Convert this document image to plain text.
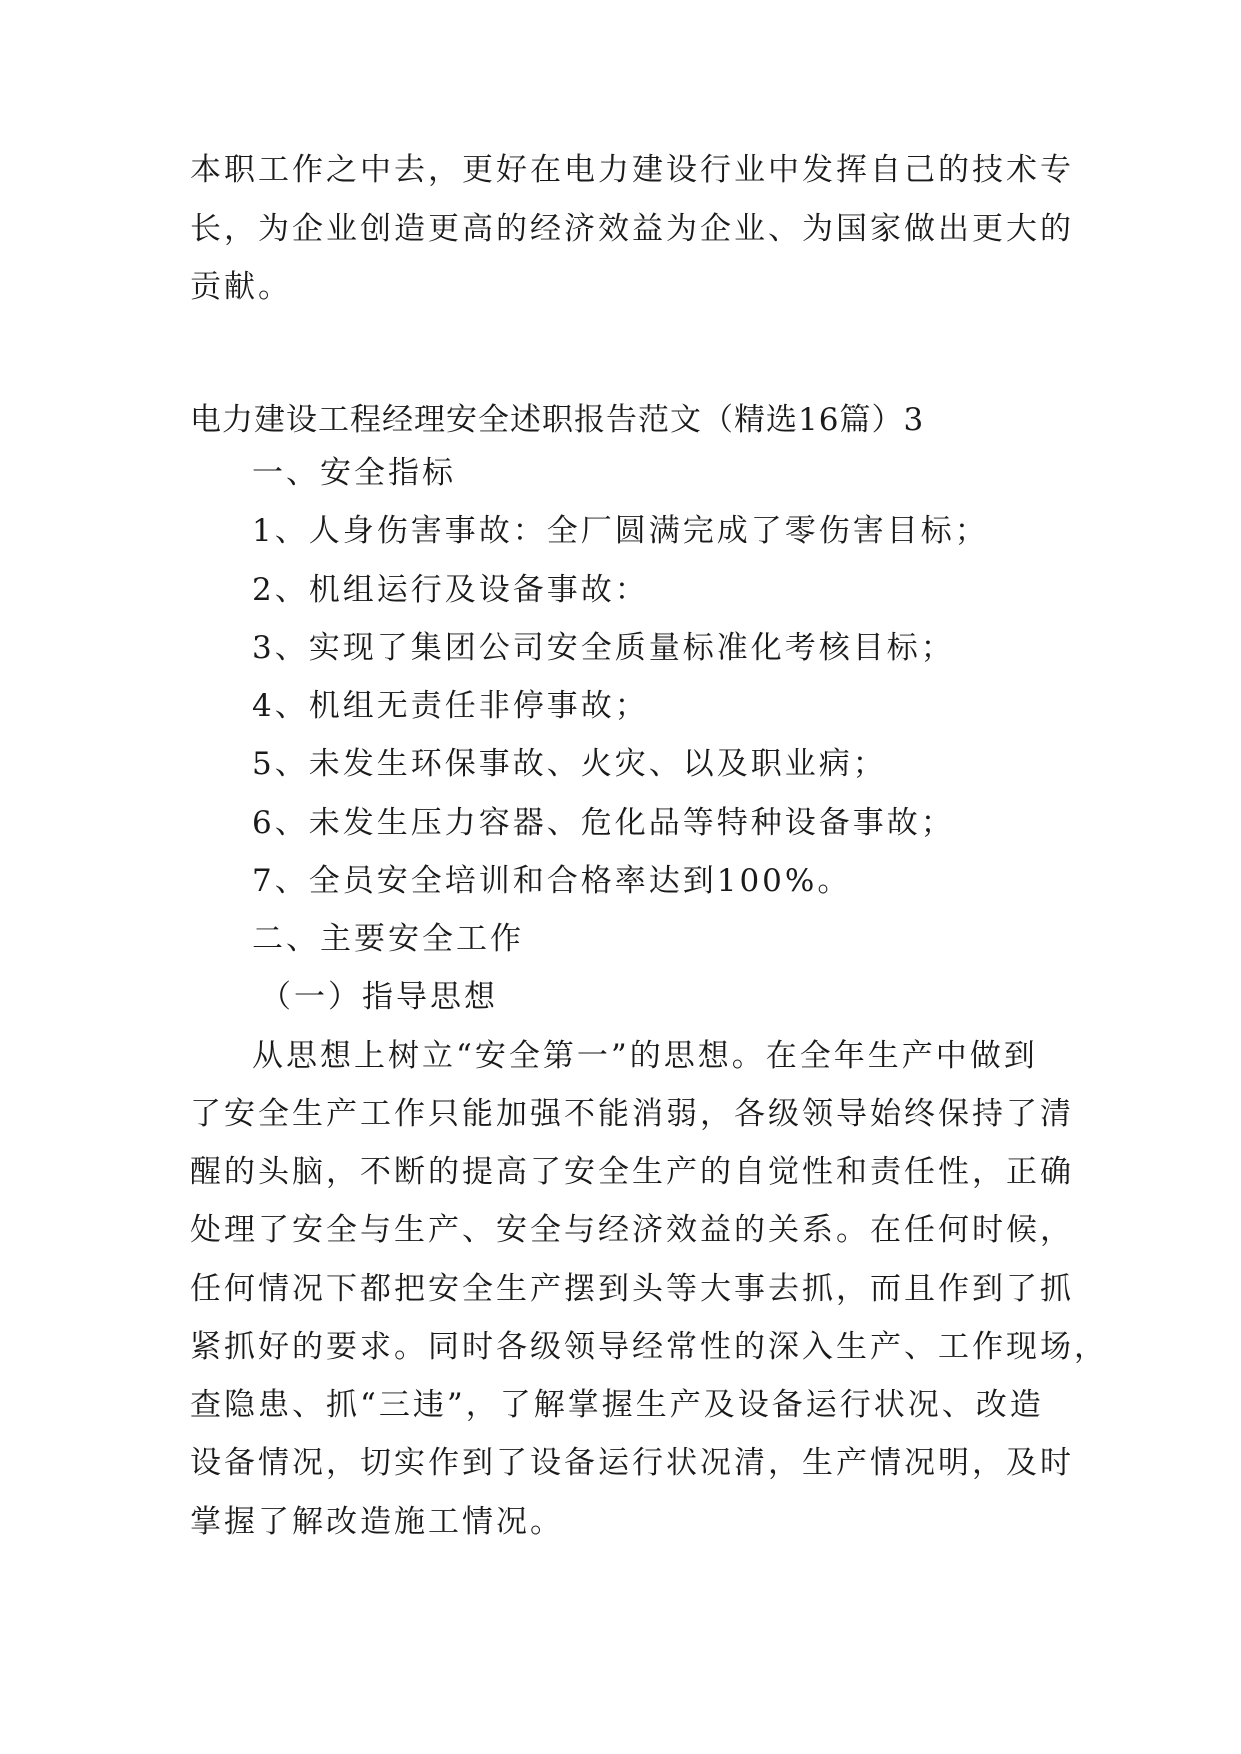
本职工作之中去，更好在电力建设行业中发挥自己的技术专
长，为企业创造更高的经济效益为企业、为国家做出更大的
贡献。
电力建设工程经理安全述职报告范文（精选16篇）3
一、安全指标
1、人身伤害事故：全厂圆满完成了零伤害目标；
2、机组运行及设备事故：
3、实现了集团公司安全质量标准化考核目标；
4、机组无责任非停事故；
5、未发生环保事故、火灾、以及职业病；
6、未发生压力容器、危化品等特种设备事故；
7、全员安全培训和合格率达到100%。
二、主要安全工作
（一）指导思想
从思想上树立“安全第一”的思想。在全年生产中做到
了安全生产工作只能加强不能消弱，各级领导始终保持了清
醒的头脑，不断的提高了安全生产的自觉性和责任性，正确
处理了安全与生产、安全与经济效益的关系。在任何时候，
任何情况下都把安全生产摆到头等大事去抓，而且作到了抓
紧抓好的要求。同时各级领导经常性的深入生产、工作现场，
查隐患、抓“三违”，了解掌握生产及设备运行状况、改造
设备情况，切实作到了设备运行状况清，生产情况明，及时
掌握了解改造施工情况。
